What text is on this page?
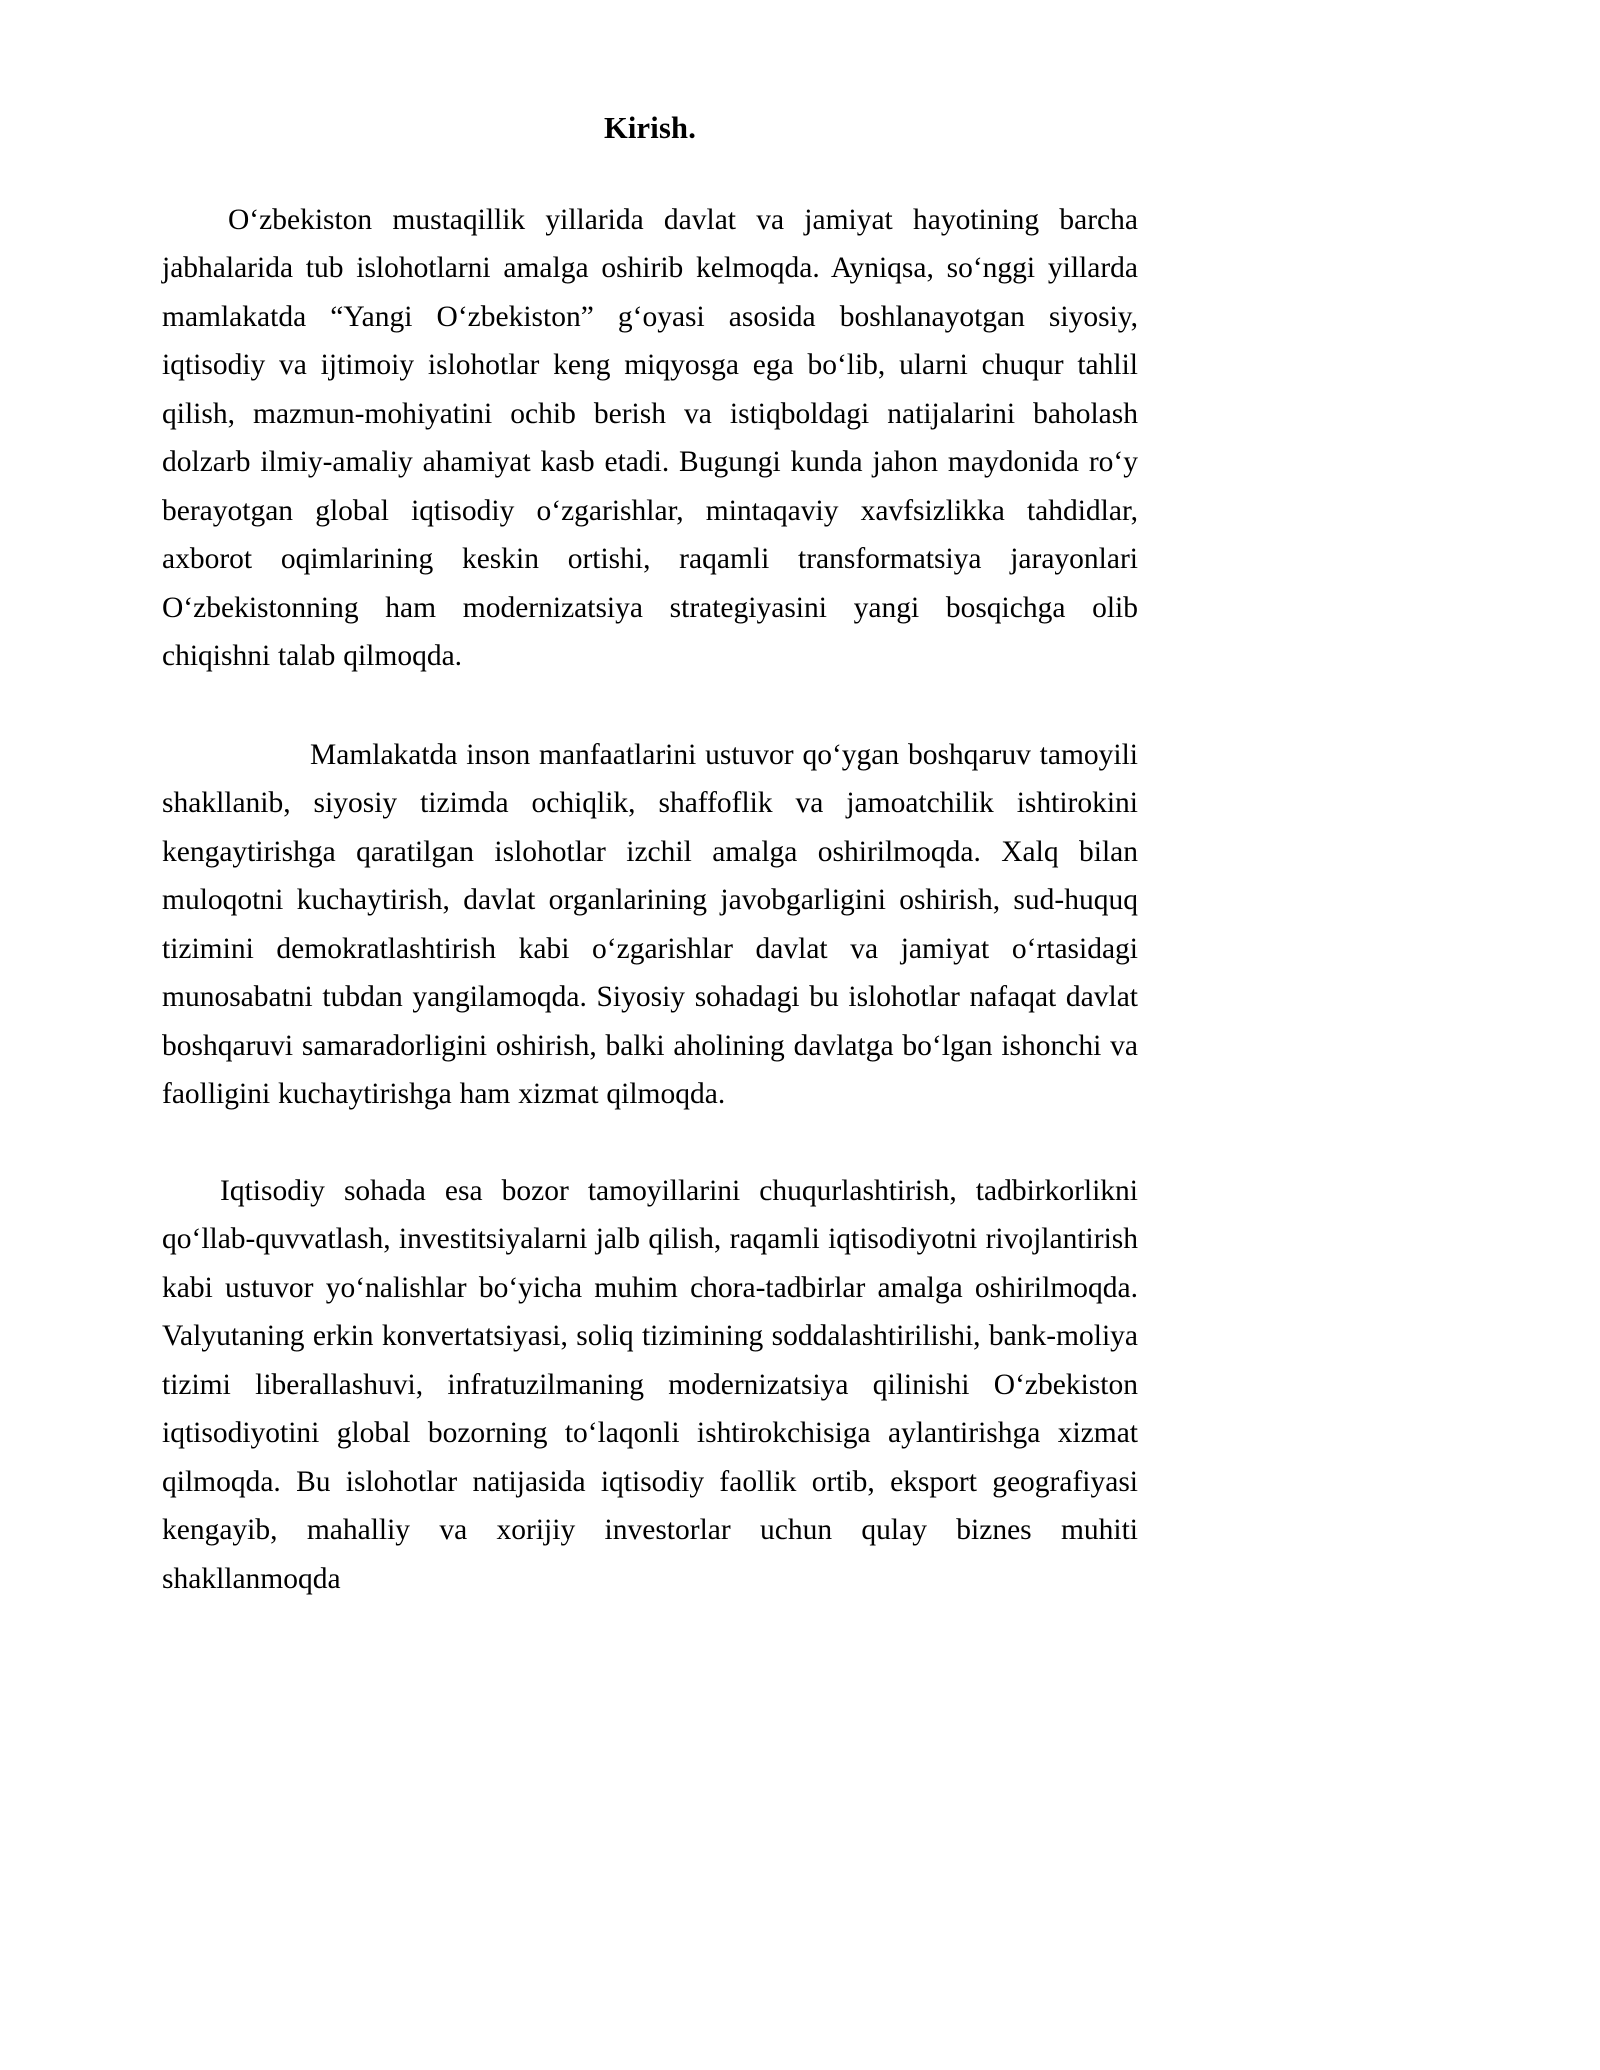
Kirish.

O‘zbekiston mustaqillik yillarida davlat va jamiyat hayotining barcha jabhalarida tub islohotlarni amalga oshirib kelmoqda. Ayniqsa, so‘nggi yillarda mamlakatda “Yangi O‘zbekiston” g‘oyasi asosida boshlanayotgan siyosiy, iqtisodiy va ijtimoiy islohotlar keng miqyosga ega bo‘lib, ularni chuqur tahlil qilish, mazmun-mohiyatini ochib berish va istiqboldagi natijalarini baholash dolzarb ilmiy-amaliy ahamiyat kasb etadi. Bugungi kunda jahon maydonida ro‘y berayotgan global iqtisodiy o‘zgarishlar, mintaqaviy xavfsizlikka tahdidlar, axborot oqimlarining keskin ortishi, raqamli transformatsiya jarayonlari O‘zbekistonning ham modernizatsiya strategiyasini yangi bosqichga olib chiqishni talab qilmoqda.

Mamlakatda inson manfaatlarini ustuvor qo‘ygan boshqaruv tamoyili shakllanib, siyosiy tizimda ochiqlik, shaffoflik va jamoatchilik ishtirokini kengaytirishga qaratilgan islohotlar izchil amalga oshirilmoqda. Xalq bilan muloqotni kuchaytirish, davlat organlarining javobgarligini oshirish, sud-huquq tizimini demokratlashtirish kabi o‘zgarishlar davlat va jamiyat o‘rtasidagi munosabatni tubdan yangilamoqda. Siyosiy sohadagi bu islohotlar nafaqat davlat boshqaruvi samaradorligini oshirish, balki aholining davlatga bo‘lgan ishonchi va faolligini kuchaytirishga ham xizmat qilmoqda.

Iqtisodiy sohada esa bozor tamoyillarini chuqurlashtirish, tadbirkorlikni qo‘llab-quvvatlash, investitsiyalarni jalb qilish, raqamli iqtisodiyotni rivojlantirish kabi ustuvor yo‘nalishlar bo‘yicha muhim chora-tadbirlar amalga oshirilmoqda. Valyutaning erkin konvertatsiyasi, soliq tizimining soddalashtirilishi, bank-moliya tizimi liberallashuvi, infratuzilmaning modernizatsiya qilinishi O‘zbekiston iqtisodiyotini global bozorning to‘laqonli ishtirokchisiga aylantirishga xizmat qilmoqda. Bu islohotlar natijasida iqtisodiy faollik ortib, eksport geografiyasi kengayib, mahalliy va xorijiy investorlar uchun qulay biznes muhiti shakllanmoqda
